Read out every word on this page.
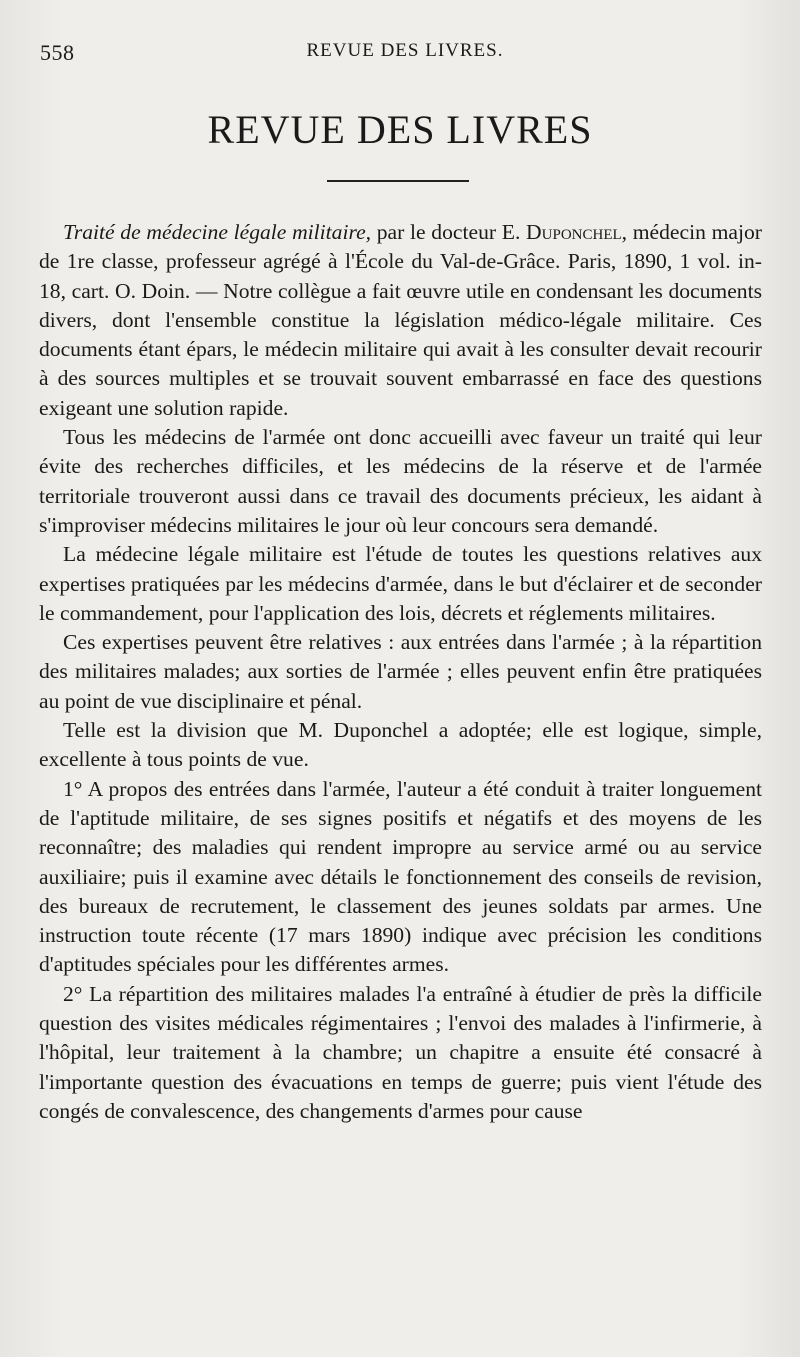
558	REVUE DES LIVRES.
REVUE DES LIVRES

Traité de médecine légale militaire, par le docteur E. Duponchel, médecin major de 1re classe, professeur agrégé à l'École du Val-de-Grâce. Paris, 1890, 1 vol. in-18, cart. O. Doin. — Notre collègue a fait œuvre utile en condensant les documents divers, dont l'ensemble constitue la législation médico-légale militaire. Ces documents étant épars, le médecin militaire qui avait à les consulter devait recourir à des sources multiples et se trouvait souvent embarrassé en face des questions exigeant une solution rapide.

Tous les médecins de l'armée ont donc accueilli avec faveur un traité qui leur évite des recherches difficiles, et les médecins de la réserve et de l'armée territoriale trouveront aussi dans ce travail des documents précieux, les aidant à s'improviser médecins militaires le jour où leur concours sera demandé.

La médecine légale militaire est l'étude de toutes les questions relatives aux expertises pratiquées par les médecins d'armée, dans le but d'éclairer et de seconder le commandement, pour l'application des lois, décrets et réglements militaires.

Ces expertises peuvent être relatives : aux entrées dans l'armée ; à la répartition des militaires malades; aux sorties de l'armée ; elles peuvent enfin être pratiquées au point de vue disciplinaire et pénal.

Telle est la division que M. Duponchel a adoptée; elle est logique, simple, excellente à tous points de vue.

1° A propos des entrées dans l'armée, l'auteur a été conduit à traiter longuement de l'aptitude militaire, de ses signes positifs et négatifs et des moyens de les reconnaître; des maladies qui rendent impropre au service armé ou au service auxiliaire; puis il examine avec détails le fonctionnement des conseils de revision, des bureaux de recrutement, le classement des jeunes soldats par armes. Une instruction toute récente (17 mars 1890) indique avec précision les conditions d'aptitudes spéciales pour les différentes armes.

2° La répartition des militaires malades l'a entraîné à étudier de près la difficile question des visites médicales régimentaires ; l'envoi des malades à l'infirmerie, à l'hôpital, leur traitement à la chambre; un chapitre a ensuite été consacré à l'importante question des évacuations en temps de guerre; puis vient l'étude des congés de convalescence, des changements d'armes pour cause
